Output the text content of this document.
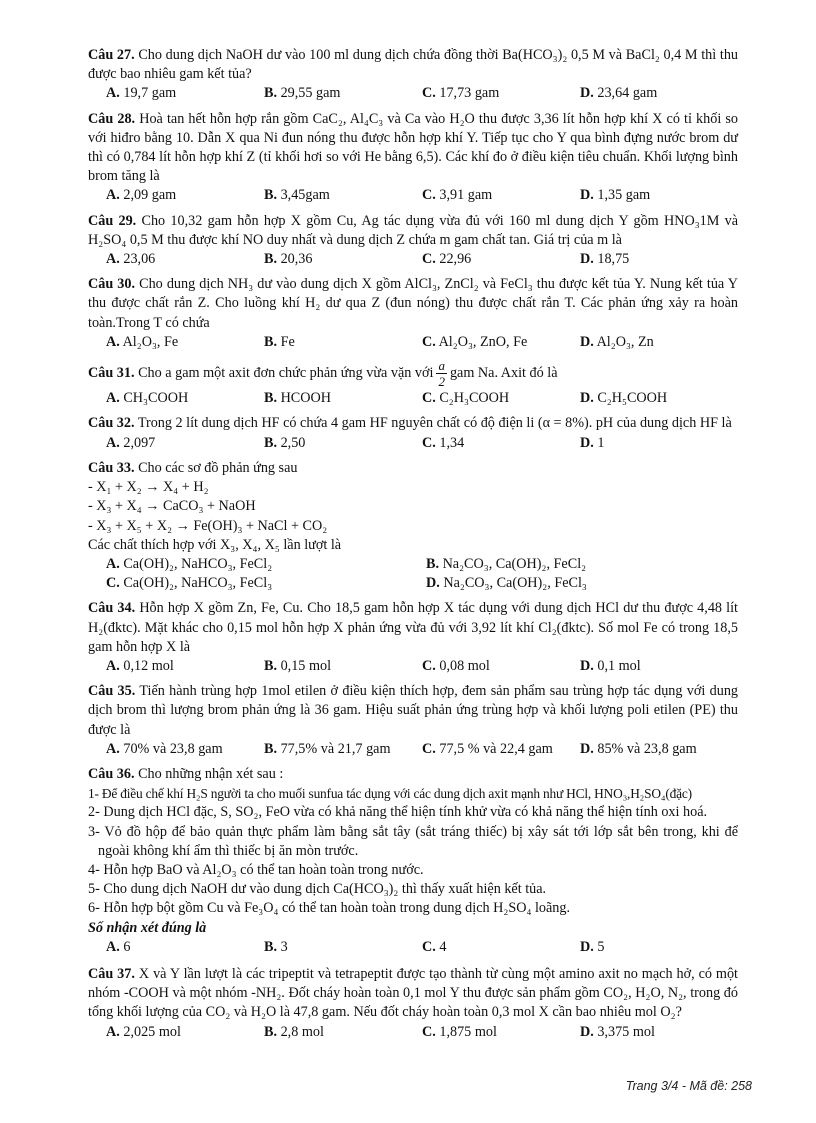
Câu 27. Cho dung dịch NaOH dư vào 100 ml dung dịch chứa đồng thời Ba(HCO₃)₂ 0,5 M và BaCl₂ 0,4 M thì thu được bao nhiêu gam kết tủa?

A. 19,7 gam	B. 29,55 gam	C. 17,73 gam	D. 23,64 gam

Câu 28. Hoà tan hết hỗn hợp rắn gồm CaC₂, Al₄C₃ và Ca vào H₂O thu được 3,36 lít hỗn hợp khí X có tỉ khối so với hiđro bằng 10. Dẫn X qua Ni đun nóng thu được hỗn hợp khí Y. Tiếp tục cho Y qua bình đựng nước brom dư thì có 0,784 lít hỗn hợp khí Z (tỉ khối hơi so với He bằng 6,5). Các khí đo ở điều kiện tiêu chuẩn. Khối lượng bình brom tăng là

A. 2,09 gam	B. 3,45gam	C. 3,91 gam	D. 1,35 gam

Câu 29. Cho 10,32 gam hỗn hợp X gồm Cu, Ag tác dụng vừa đủ với 160 ml dung dịch Y gồm HNO₃1M và H₂SO₄ 0,5 M thu được khí NO duy nhất và dung dịch Z chứa m gam chất tan. Giá trị của m là

A. 23,06	B. 20,36	C. 22,96	D. 18,75

Câu 30. Cho dung dịch NH₃ dư vào dung dịch X gồm AlCl₃, ZnCl₂ và FeCl₃ thu được kết tủa Y. Nung kết tủa Y thu được chất rắn Z. Cho luồng khí H₂ dư qua Z (đun nóng) thu được chất rắn T. Các phản ứng xảy ra hoàn toàn.Trong T có chứa

A. Al₂O₃, Fe	B. Fe	C. Al₂O₃, ZnO, Fe	D. Al₂O₃, Zn

Câu 31. Cho a gam một axit đơn chức phản ứng vừa vặn với $\frac{a}{2}$ gam Na. Axit đó là

A. CH₃COOH	B. HCOOH	C. C₂H₃COOH	D. C₂H₅COOH

Câu 32. Trong 2 lít dung dịch HF có chứa 4 gam HF nguyên chất có độ điện li (α = 8%). pH của dung dịch HF là

A. 2,097	B. 2,50	C. 1,34	D. 1

Câu 33. Cho các sơ đồ phản ứng sau

- X₁ + X₂ → X₄ + H₂

- X₃ + X₄ → CaCO₃ + NaOH

- X₃ + X₅ + X₂ → Fe(OH)₃ + NaCl + CO₂

Các chất thích hợp với X₃, X₄, X₅ lần lượt là

A. Ca(OH)₂, NaHCO₃, FeCl₂	B. Na₂CO₃, Ca(OH)₂, FeCl₂
C. Ca(OH)₂, NaHCO₃, FeCl₃	D. Na₂CO₃, Ca(OH)₂, FeCl₃

Câu 34. Hỗn hợp X gồm Zn, Fe, Cu. Cho 18,5 gam hỗn hợp X tác dụng với dung dịch HCl dư thu được 4,48 lít H₂(đktc). Mặt khác cho 0,15 mol hỗn hợp X phản ứng vừa đủ với 3,92 lít khí Cl₂(đktc). Số mol Fe có trong 18,5 gam hỗn hợp X là

A. 0,12 mol	B. 0,15 mol	C. 0,08 mol	D. 0,1 mol

Câu 35. Tiến hành trùng hợp 1mol etilen ở điều kiện thích hợp, đem sản phẩm sau trùng hợp tác dụng với dung dịch brom thì lượng brom phản ứng là 36 gam. Hiệu suất phản ứng trùng hợp và khối lượng poli etilen (PE) thu được là

A. 70% và 23,8 gam	B. 77,5% và 21,7 gam	C. 77,5 % và 22,4 gam	D. 85% và 23,8 gam

Câu 36. Cho những nhận xét sau :

1- Để điều chế khí H₂S người ta cho muối sunfua tác dụng với các dung dịch axit mạnh như HCl, HNO₃,H₂SO₄(đặc)

2- Dung dịch HCl đặc, S, SO₂, FeO vừa có khả năng thể hiện tính khử vừa có khả năng thể hiện tính oxi hoá.

3- Vỏ đồ hộp để bảo quản thực phẩm làm bằng sắt tây (sắt tráng thiếc) bị xây sát tới lớp sắt bên trong, khi để ngoài không khí ẩm thì thiếc bị ăn mòn trước.

4- Hỗn hợp BaO và Al₂O₃ có thể tan hoàn toàn trong nước.

5- Cho dung dịch NaOH dư vào dung dịch Ca(HCO₃)₂ thì thấy xuất hiện kết tủa.

6- Hỗn hợp bột gồm Cu và Fe₃O₄ có thể tan hoàn toàn trong dung dịch H₂SO₄ loãng.

Số nhận xét đúng là

A. 6	B. 3	C. 4	D. 5

Câu 37. X và Y lần lượt là các tripeptit và tetrapeptit được tạo thành từ cùng một amino axit no mạch hở, có một nhóm -COOH và một nhóm -NH₂. Đốt cháy hoàn toàn 0,1 mol Y thu được sản phẩm gồm CO₂, H₂O, N₂, trong đó tổng khối lượng của CO₂ và H₂O là 47,8 gam. Nếu đốt cháy hoàn toàn 0,3 mol X cần bao nhiêu mol O₂?

A. 2,025 mol	B. 2,8 mol	C. 1,875 mol	D. 3,375 mol
Trang 3/4 - Mã đề: 258
